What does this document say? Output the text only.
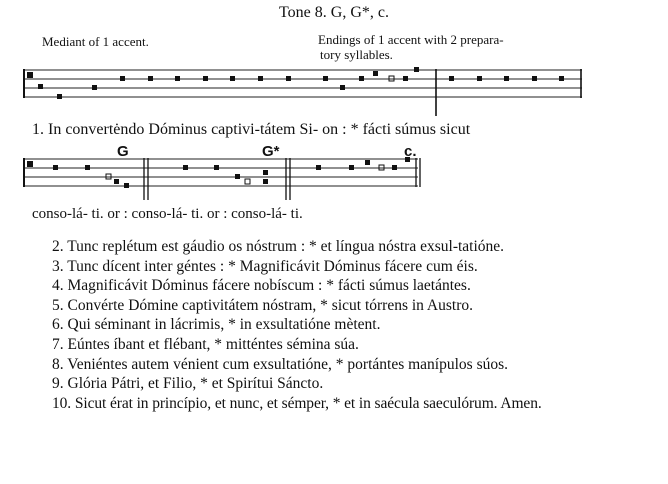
Tone 8. G, G*, c.
Mediant of 1 accent.	Endings of 1 accent with 2 prepara-
tory syllables.
1. In convertėndo Dóminus captivi-tátem Si- on : * fácti súmus sicut
G	G*	c.
conso-lá- ti. or : conso-lá- ti. or : conso-lá- ti.

2. Tunc replétum est gáudio os nóstrum : * et língua nóstra exsul-tatióne.

3. Tunc dícent inter géntes : * Magnificávit Dóminus fácere cum éis.

4. Magnificávit Dóminus fácere nobíscum : * fácti súmus laetántes.

5. Convérte Dómine captivitátem nóstram, * sicut tórrens in Austro.

6. Qui séminant in lácrimis, * in exsultatióne mètent.

7. Eúntes íbant et flébant, * mitténtes sémina súa.

8. Veniéntes autem vénient cum exsultatióne, * portántes manípulos súos.

9. Glória Pátri, et Filio, * et Spirítui Sáncto.

10. Sicut érat in princípio, et nunc, et sémper, * et in saécula saeculórum. Amen.
